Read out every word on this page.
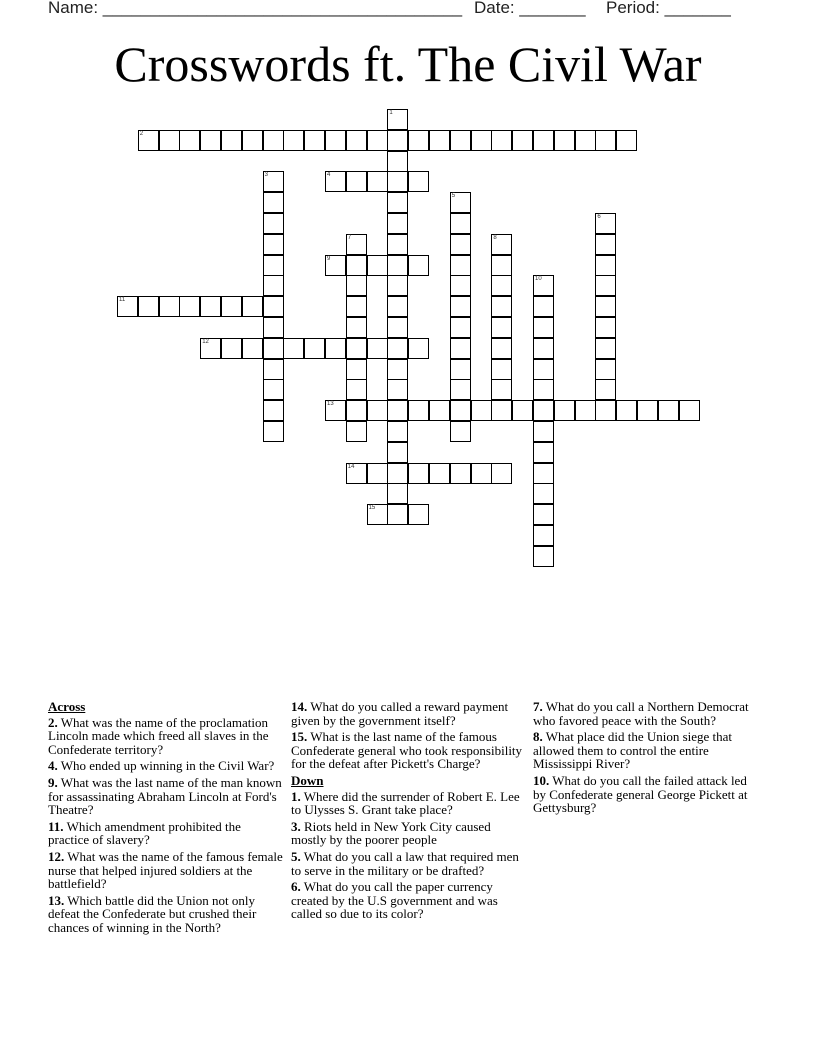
Name: ______________________________________ Date: _______ Period: _______
Crosswords ft. The Civil War
1
2
3	4
5
6
7	8
9
10
11
12
13
14
15
Across
2. What was the name of the proclamation Lincoln made which freed all slaves in the Confederate territory?
4. Who ended up winning in the Civil War?
9. What was the last name of the man known for assassinating Abraham Lincoln at Ford's Theatre?
11. Which amendment prohibited the practice of slavery?
12. What was the name of the famous female nurse that helped injured soldiers at the battlefield?
13. Which battle did the Union not only defeat the Confederate but crushed their chances of winning in the North?
14. What do you called a reward payment given by the government itself?
15. What is the last name of the famous Confederate general who took responsibility for the defeat after Pickett's Charge?
Down
1. Where did the surrender of Robert E. Lee to Ulysses S. Grant take place?
3. Riots held in New York City caused mostly by the poorer people
5. What do you call a law that required men to serve in the military or be drafted?
6. What do you call the paper currency created by the U.S government and was called so due to its color?
7. What do you call a Northern Democrat who favored peace with the South?
8. What place did the Union siege that allowed them to control the entire Mississippi River?
10. What do you call the failed attack led by Confederate general George Pickett at Gettysburg?
